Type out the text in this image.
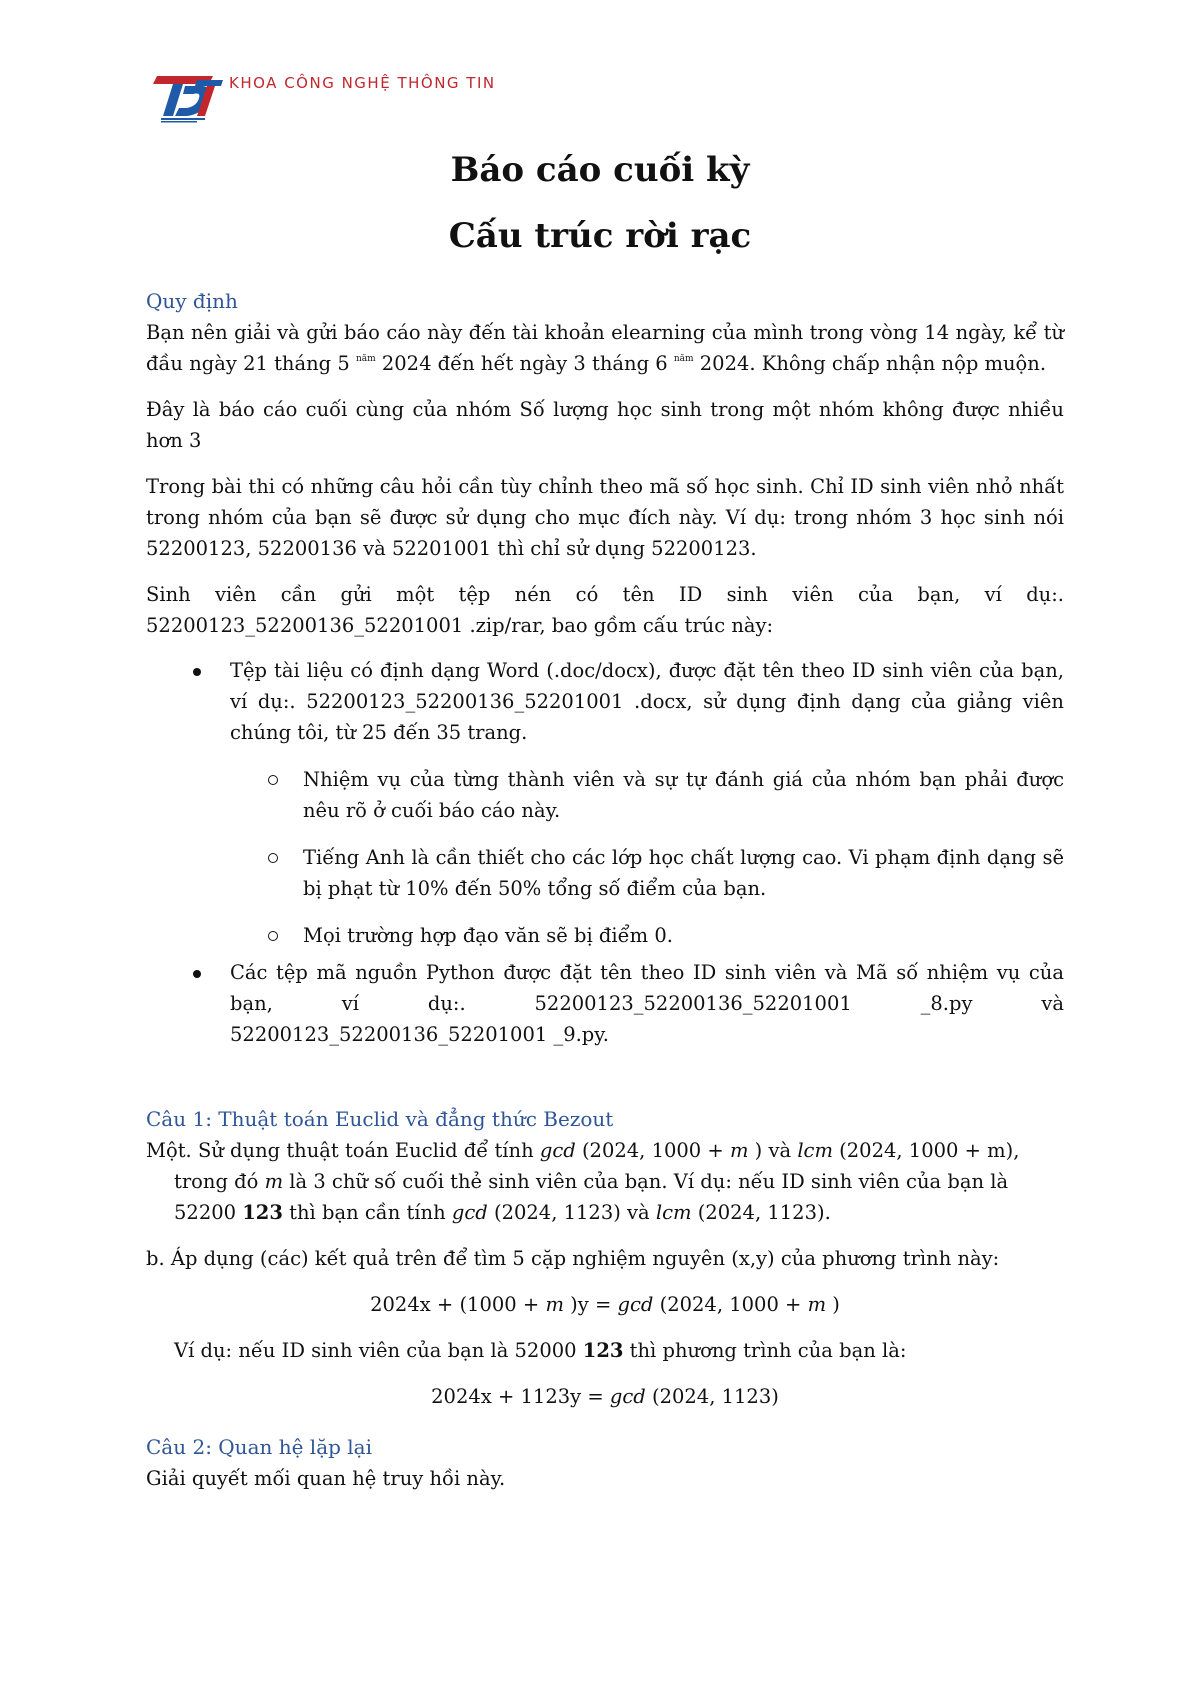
KHOA CÔNG NGHỆ THÔNG TIN
Báo cáo cuối kỳ
Cấu trúc rời rạc
Quy định

Bạn nên giải và gửi báo cáo này đến tài khoản elearning của mình trong vòng 14 ngày, kể từ đầu ngày 21 tháng 5 $^{năm}$ 2024 đến hết ngày 3 tháng 6 $^{năm}$ 2024. Không chấp nhận nộp muộn.

Đây là báo cáo cuối cùng của nhóm Số lượng học sinh trong một nhóm không được nhiều hơn 3

Trong bài thi có những câu hỏi cần tùy chỉnh theo mã số học sinh. Chỉ ID sinh viên nhỏ nhất trong nhóm của bạn sẽ được sử dụng cho mục đích này. Ví dụ: trong nhóm 3 học sinh nói 52200123, 52200136 và 52201001 thì chỉ sử dụng 52200123.

Sinh viên cần gửi một tệp nén có tên ID sinh viên của bạn, ví dụ:. 52200123_52200136_52201001 .zip/rar, bao gồm cấu trúc này:

Tệp tài liệu có định dạng Word (.doc/docx), được đặt tên theo ID sinh viên của bạn, ví dụ:. 52200123_52200136_52201001 .docx, sử dụng định dạng của giảng viên chúng tôi, từ 25 đến 35 trang.
Nhiệm vụ của từng thành viên và sự tự đánh giá của nhóm bạn phải được nêu rõ ở cuối báo cáo này.
Tiếng Anh là cần thiết cho các lớp học chất lượng cao. Vi phạm định dạng sẽ bị phạt từ 10% đến 50% tổng số điểm của bạn.
Mọi trường hợp đạo văn sẽ bị điểm 0.
Các tệp mã nguồn Python được đặt tên theo ID sinh viên và Mã số nhiệm vụ của bạn, ví dụ:. 52200123_52200136_52201001 _8.py và 52200123_52200136_52201001 _9.py.
Câu 1: Thuật toán Euclid và đẳng thức Bezout

Một. Sử dụng thuật toán Euclid để tính gcd (2024, 1000 + m ) và lcm (2024, 1000 + m), trong đó m là 3 chữ số cuối thẻ sinh viên của bạn. Ví dụ: nếu ID sinh viên của bạn là 52200 123 thì bạn cần tính gcd (2024, 1123) và lcm (2024, 1123).

b. Áp dụng (các) kết quả trên để tìm 5 cặp nghiệm nguyên (x,y) của phương trình này:

2024x + (1000 + m )y = gcd (2024, 1000 + m )

Ví dụ: nếu ID sinh viên của bạn là 52000 123 thì phương trình của bạn là:

2024x + 1123y = gcd (2024, 1123)

Câu 2: Quan hệ lặp lại

Giải quyết mối quan hệ truy hồi này.
